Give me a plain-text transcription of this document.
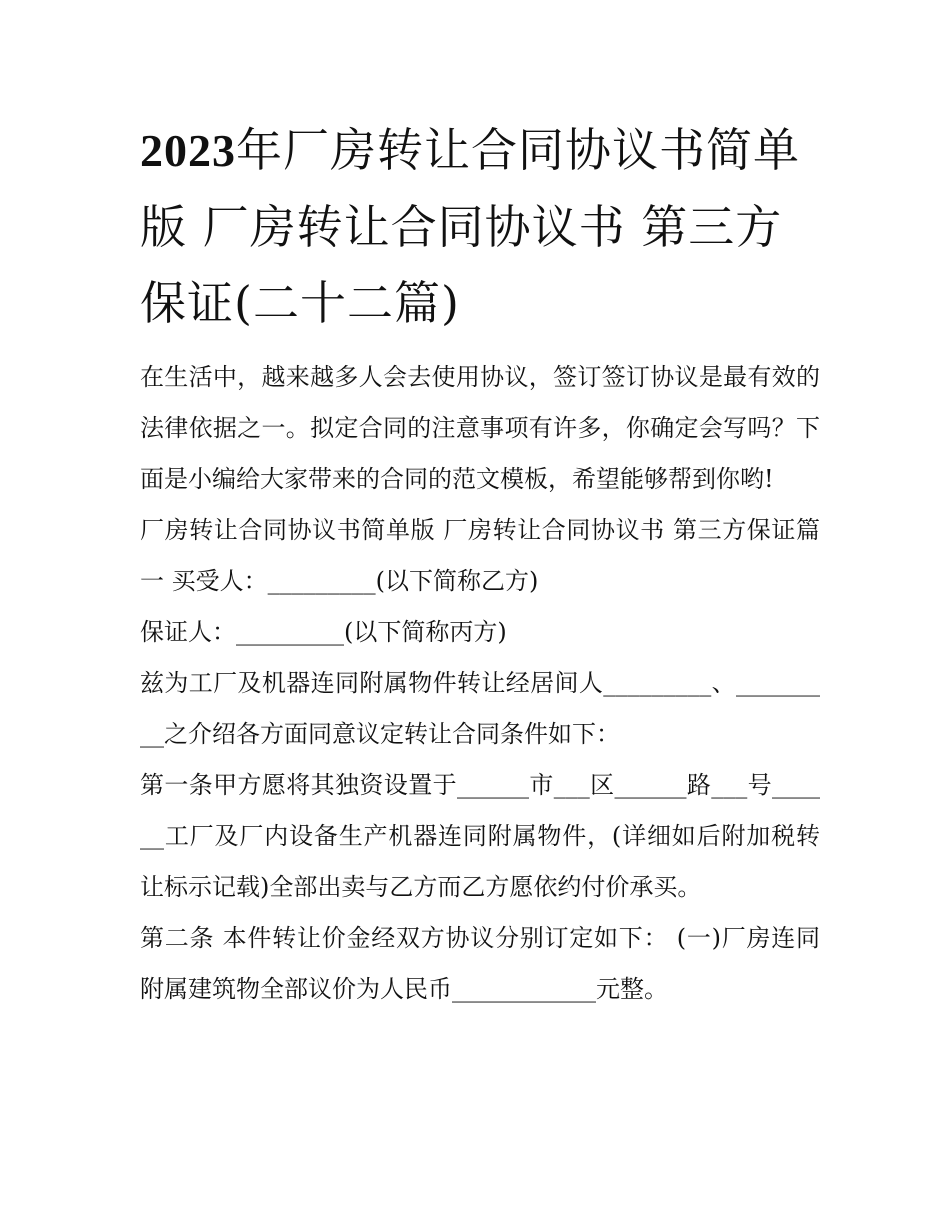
2023年厂房转让合同协议书简单版 厂房转让合同协议书 第三方保证(二十二篇)

在生活中，越来越多人会去使用协议，签订签订协议是最有效的法律依据之一。拟定合同的注意事项有许多，你确定会写吗？下面是小编给大家带来的合同的范文模板，希望能够帮到你哟!

厂房转让合同协议书简单版 厂房转让合同协议书 第三方保证篇一 买受人：_________(以下简称乙方)

保证人：_________(以下简称丙方)

兹为工厂及机器连同附属物件转让经居间人_________、_________之介绍各方面同意议定转让合同条件如下：

第一条甲方愿将其独资设置于______市___区______路___号______工厂及厂内设备生产机器连同附属物件，(详细如后附加税转让标示记载)全部出卖与乙方而乙方愿依约付价承买。

第二条 本件转让价金经双方协议分别订定如下： (一)厂房连同附属建筑物全部议价为人民币____________元整。
